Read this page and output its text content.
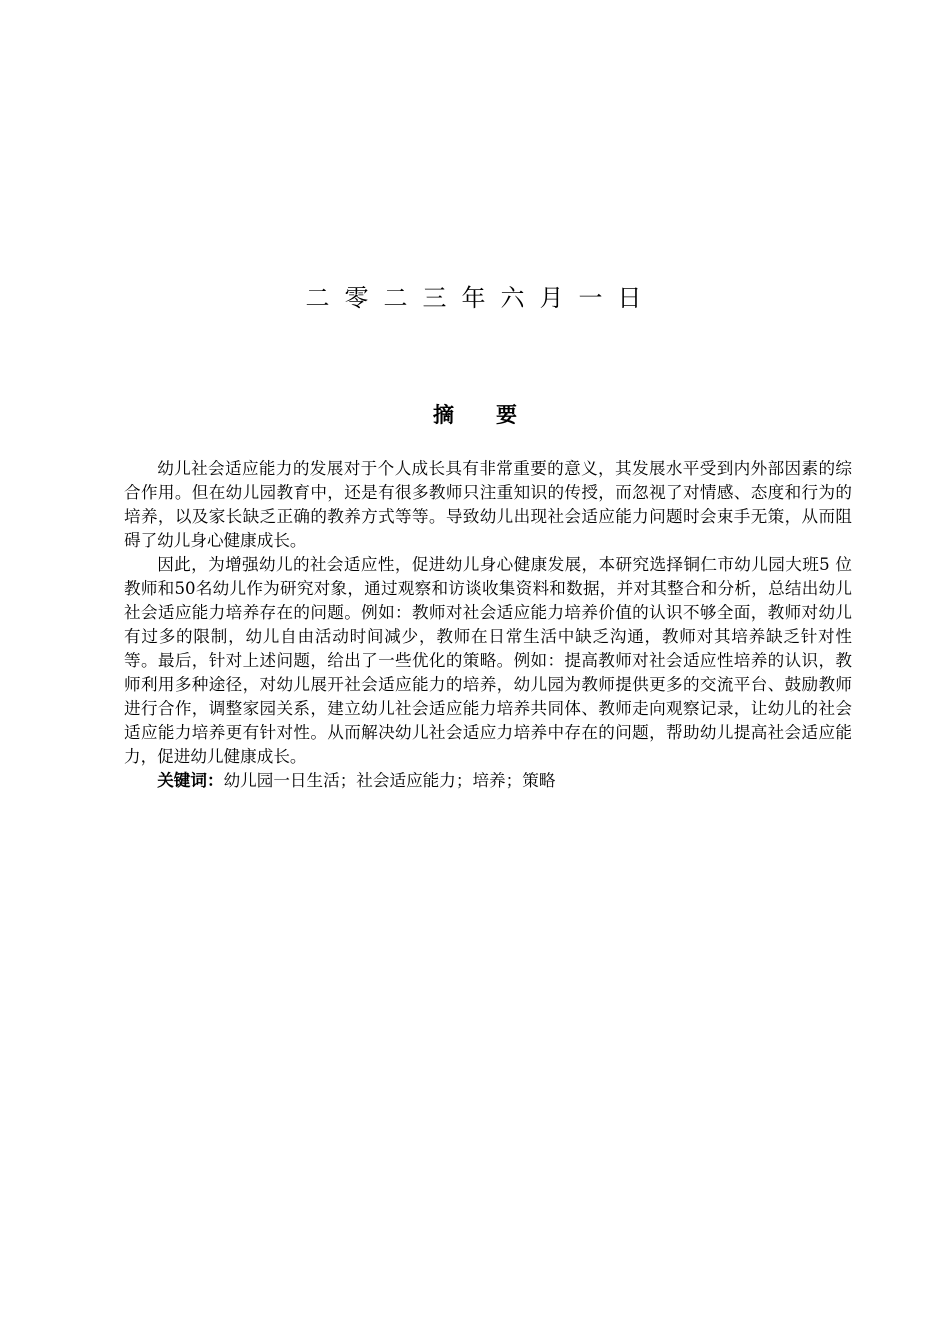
二零二三年六月一日
摘要

幼儿社会适应能力的发展对于个人成长具有非常重要的意义，其发展水平受到内外部因素的综合作用。但在幼儿园教育中，还是有很多教师只注重知识的传授，而忽视了对情感、态度和行为的培养，以及家长缺乏正确的教养方式等等。导致幼儿出现社会适应能力问题时会束手无策，从而阻碍了幼儿身心健康成长。

因此，为增强幼儿的社会适应性，促进幼儿身心健康发展，本研究选择铜仁市幼儿园大班5 位教师和50名幼儿作为研究对象，通过观察和访谈收集资料和数据，并对其整合和分析，总结出幼儿社会适应能力培养存在的问题。例如：教师对社会适应能力培养价值的认识不够全面，教师对幼儿有过多的限制，幼儿自由活动时间减少，教师在日常生活中缺乏沟通，教师对其培养缺乏针对性等。最后，针对上述问题，给出了一些优化的策略。例如：提高教师对社会适应性培养的认识，教师利用多种途径，对幼儿展开社会适应能力的培养，幼儿园为教师提供更多的交流平台、鼓励教师进行合作，调整家园关系，建立幼儿社会适应能力培养共同体、教师走向观察记录，让幼儿的社会适应能力培养更有针对性。从而解决幼儿社会适应力培养中存在的问题，帮助幼儿提高社会适应能力，促进幼儿健康成长。

关键词：幼儿园一日生活；社会适应能力；培养；策略
